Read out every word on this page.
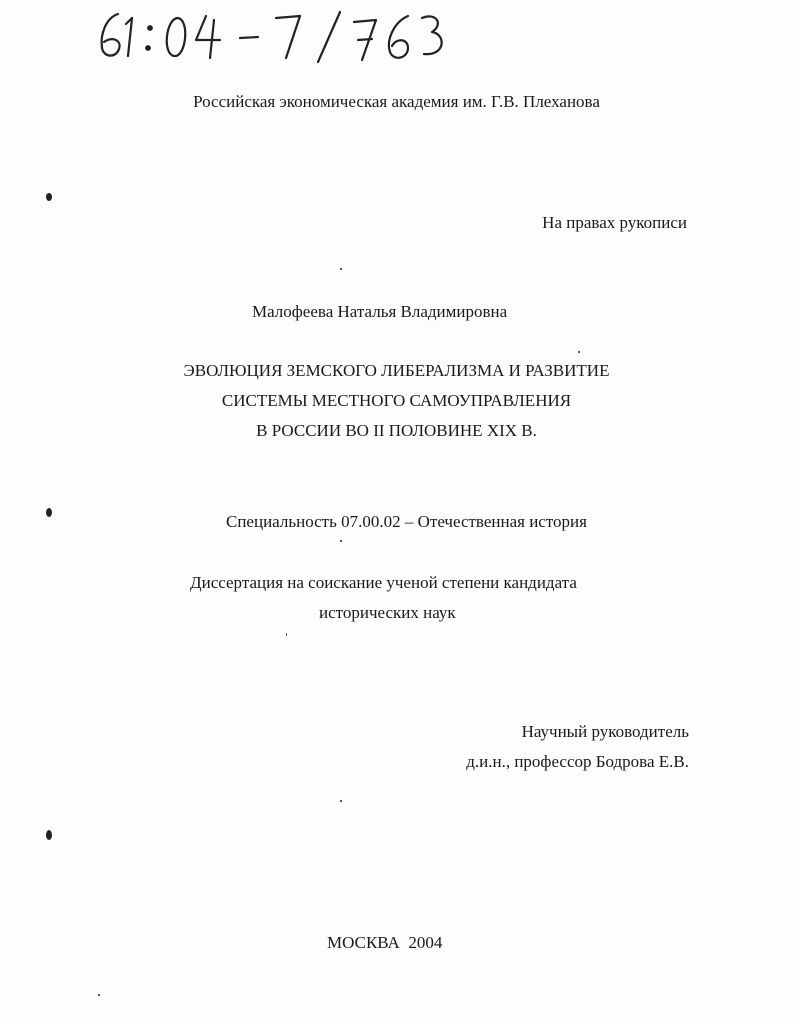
Российская экономическая академия им. Г.В. Плеханова
На правах рукописи
Малофеева Наталья Владимировна
ЭВОЛЮЦИЯ ЗЕМСКОГО ЛИБЕРАЛИЗМА И РАЗВИТИЕ
СИСТЕМЫ МЕСТНОГО САМОУПРАВЛЕНИЯ
В РОССИИ ВО II ПОЛОВИНЕ XIX В.
Специальность 07.00.02 – Отечественная история
Диссертация на соискание ученой степени кандидата
исторических наук
Научный руководитель
д.и.н., профессор Бодрова Е.В.
МОСКВА  2004
